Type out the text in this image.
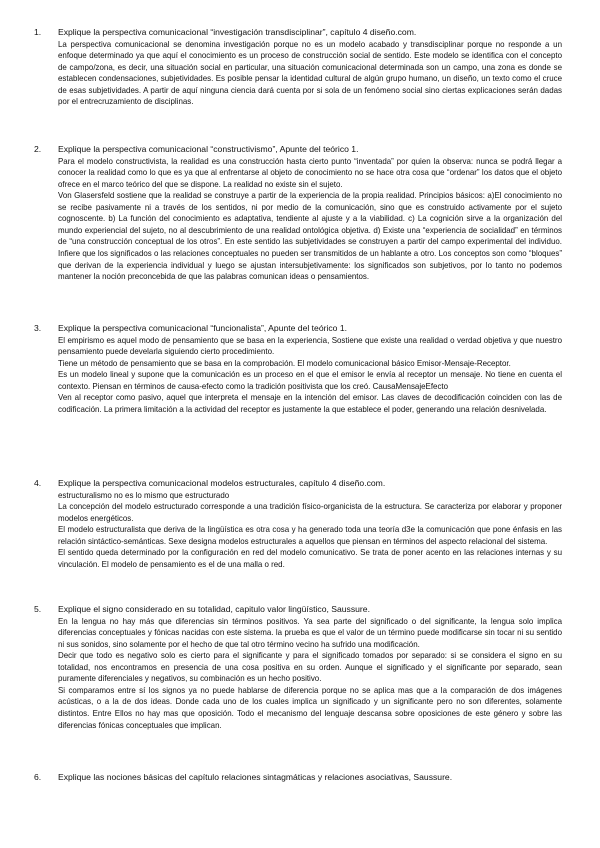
1. Explique la perspectiva comunicacional “investigación transdisciplinar”, capítulo 4 diseño.com.

La perspectiva comunicacional se denomina investigación porque no es un modelo acabado y transdisciplinar porque no responde a un enfoque determinado ya que aquí el conocimiento es un proceso de construcción social de sentido. Este modelo se identifica con el concepto de campo/zona, es decir, una situación social en particular, una situación comunicacional determinada son un campo, una zona es donde se establecen condensaciones, subjetividades. Es posible pensar la identidad cultural de algún grupo humano, un diseño, un texto como el cruce de esas subjetividades. A partir de aquí ninguna ciencia dará cuenta por si sola de un fenómeno social sino ciertas explicaciones serán dadas por el entrecruzamiento de disciplinas.

2. Explique la perspectiva comunicacional “constructivismo”, Apunte del teórico 1.

Para el modelo constructivista, la realidad es una construcción hasta cierto punto “inventada” por quien la observa: nunca se podrá llegar a conocer la realidad como lo que es ya que al enfrentarse al objeto de conocimiento no se hace otra cosa que “ordenar” los datos que el objeto ofrece en el marco teórico del que se dispone. La realidad no existe sin el sujeto.

Von Glasersfeld sostiene que la realidad se construye a partir de la experiencia de la propia realidad. Principios básicos: a)El conocimiento no se recibe pasivamente ni a través de los sentidos, ni por medio de la comunicación, sino que es construido activamente por el sujeto cognoscente. b) La función del conocimiento es adaptativa, tendiente al ajuste y a la viabilidad. c) La cognición sirve a la organización del mundo experiencial del sujeto, no al descubrimiento de una realidad ontológica objetiva. d) Existe una “experiencia de socialidad” en términos de “una construcción conceptual de los otros”. En este sentido las subjetividades se construyen a partir del campo experimental del individuo. Infiere que los significados o las relaciones conceptuales no pueden ser transmitidos de un hablante a otro. Los conceptos son como “bloques” que derivan de la experiencia individual y luego se ajustan intersubjetivamente: los significados son subjetivos, por lo tanto no podemos mantener la noción preconcebida de que las palabras comunican ideas o pensamientos.

3. Explique la perspectiva comunicacional “funcionalista”, Apunte del teórico 1.

El empirismo es aquel modo de pensamiento que se basa en la experiencia, Sostiene que existe una realidad o verdad objetiva y que nuestro pensamiento puede develarla siguiendo cierto procedimiento.

Tiene un método de pensamiento que se basa en la comprobación. El modelo comunicacional básico Emisor-Mensaje-Receptor.

Es un modelo lineal y supone que la comunicación es un proceso en el que el emisor le envía al receptor un mensaje. No tiene en cuenta el contexto. Piensan en términos de causa-efecto como la tradición positivista que los creó. CausaMensajeEfecto

Ven al receptor como pasivo, aquel que interpreta el mensaje en la intención del emisor. Las claves de decodificación coinciden con las de codificación. La primera limitación a la actividad del receptor es justamente la que establece el poder, generando una relación desnivelada.

4. Explique la perspectiva comunicacional modelos estructurales, capítulo 4 diseño.com.

estructuralismo no es lo mismo que estructurado

La concepción del modelo estructurado corresponde a una tradición físico-organicista de la estructura. Se caracteriza por elaborar y proponer modelos energéticos.

El modelo estructuralista que deriva de la lingüística es otra cosa y ha generado toda una teoría d3e la comunicación que pone énfasis en las relación sintáctico-semánticas. Sexe designa modelos estructurales a aquellos que piensan en términos del aspecto relacional del sistema.

El sentido queda determinado por la configuración en red del modelo comunicativo. Se trata de poner acento en las relaciones internas y su vinculación. El modelo de pensamiento es el de una malla o red.

5. Explique el signo considerado en su totalidad, capitulo valor lingüístico, Saussure.

En la lengua no hay más que diferencias sin términos positivos. Ya sea parte del significado o del significante, la lengua solo implica diferencias conceptuales y fónicas nacidas con este sistema. la prueba es que el valor de un término puede modificarse sin tocar ni su sentido ni sus sonidos, sino solamente por el hecho de que tal otro término vecino ha sufrido una modificación.

Decir que todo es negativo solo es cierto para el significante y para el significado tomados por separado: si se considera el signo en su totalidad, nos encontramos en presencia de una cosa positiva en su orden. Aunque el significado y el significante por separado, sean puramente diferenciales y negativos, su combinación es un hecho positivo.

Si comparamos entre sí los signos ya no puede hablarse de diferencia porque no se aplica mas que a la comparación de dos imágenes acústicas, o a la de dos ideas. Donde cada uno de los cuales implica un significado y un significante pero no son diferentes, solamente distintos. Entre Ellos no hay mas que oposición. Todo el mecanismo del lenguaje descansa sobre oposiciones de este género y sobre las diferencias fónicas conceptuales que implican.

6. Explique las nociones básicas del capítulo relaciones sintagmáticas y relaciones asociativas, Saussure.
